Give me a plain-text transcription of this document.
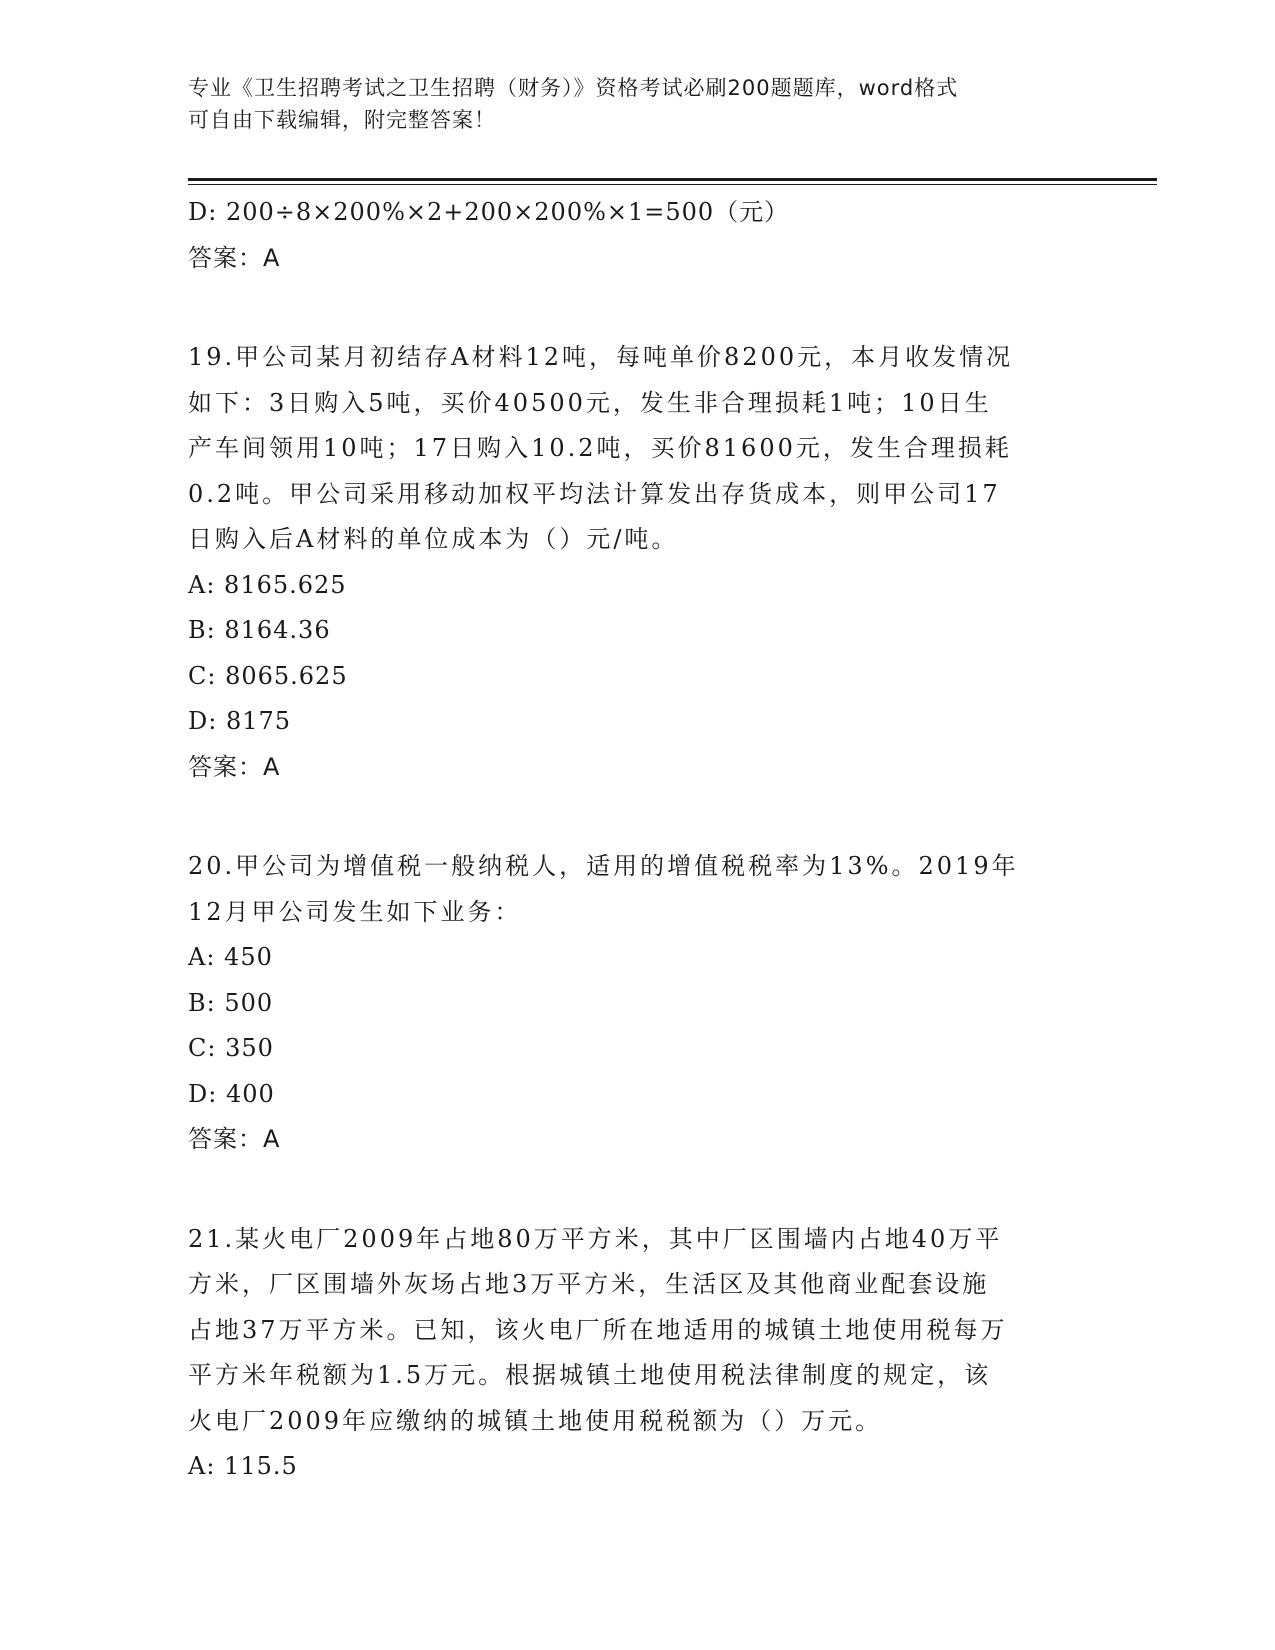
专业《卫生招聘考试之卫生招聘（财务）》资格考试必刷200题题库，word格式
可自由下载编辑，附完整答案！
D: 200÷8×200%×2+200×200%×1=500（元）
答案：A
19.甲公司某月初结存A材料12吨，每吨单价8200元，本月收发情况
如下：3日购入5吨，买价40500元，发生非合理损耗1吨；10日生
产车间领用10吨；17日购入10.2吨，买价81600元，发生合理损耗
0.2吨。甲公司采用移动加权平均法计算发出存货成本，则甲公司17
日购入后A材料的单位成本为（）元/吨。
A: 8165.625
B: 8164.36
C: 8065.625
D: 8175
答案：A
20.甲公司为增值税一般纳税人，适用的增值税税率为13%。2019年
12月甲公司发生如下业务：
A: 450
B: 500
C: 350
D: 400
答案：A
21.某火电厂2009年占地80万平方米，其中厂区围墙内占地40万平
方米，厂区围墙外灰场占地3万平方米，生活区及其他商业配套设施
占地37万平方米。已知，该火电厂所在地适用的城镇土地使用税每万
平方米年税额为1.5万元。根据城镇土地使用税法律制度的规定，该
火电厂2009年应缴纳的城镇土地使用税税额为（）万元。
A: 115.5
